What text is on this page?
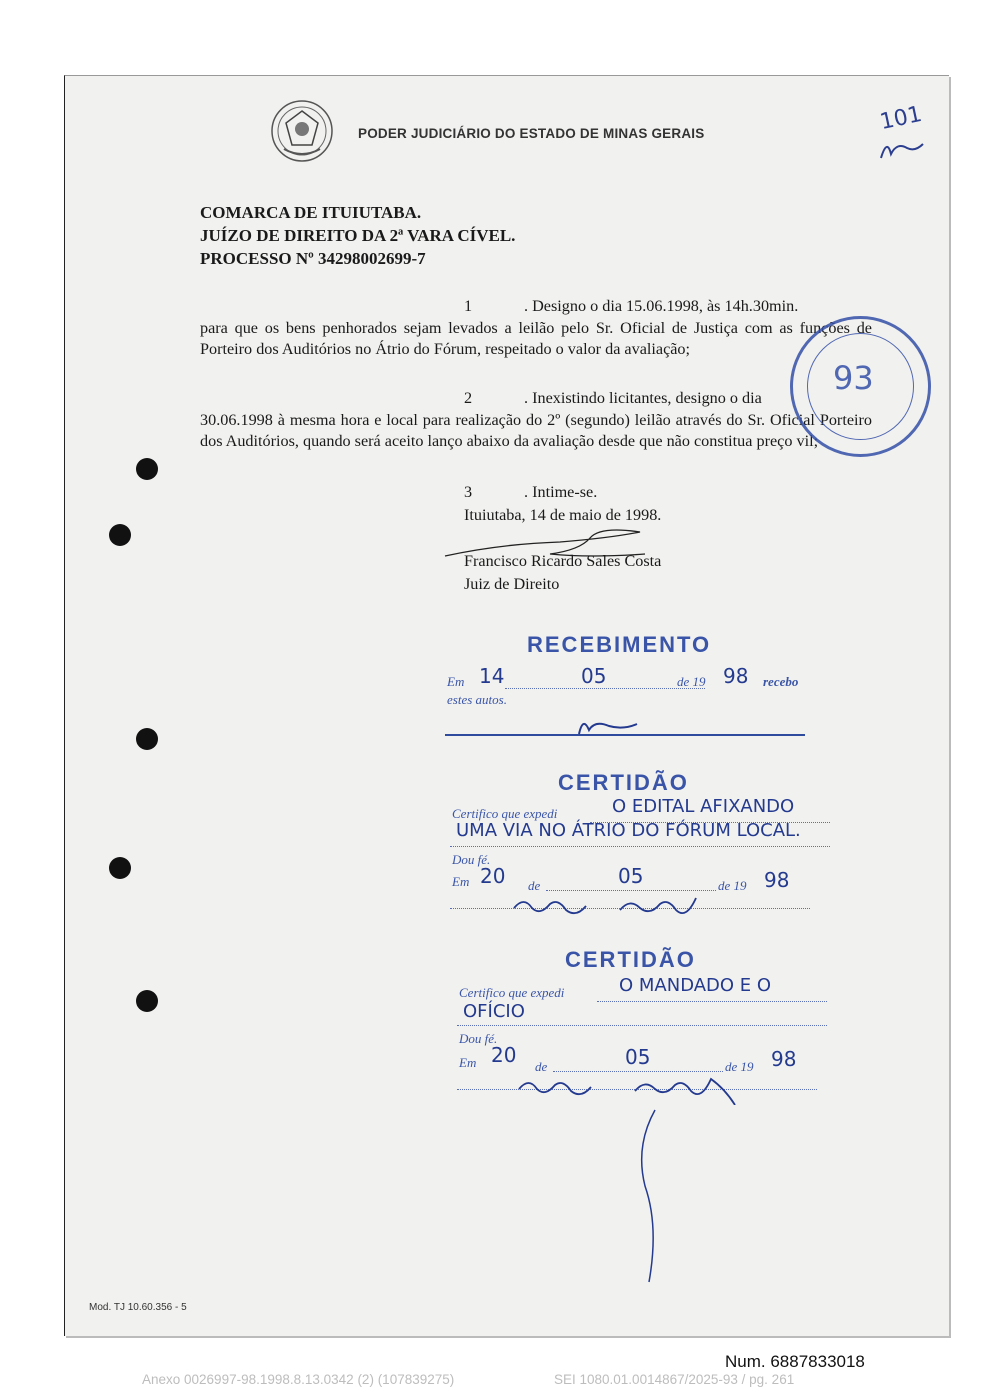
PODER JUDICIÁRIO DO ESTADO DE MINAS GERAIS	101
COMARCA DE ITUIUTABA.
JUÍZO DE DIREITO DA 2ª VARA CÍVEL.
PROCESSO Nº 34298002699-7
1	. Designo o dia 15.06.1998, às 14h.30min.
para que os bens penhorados sejam levados a leilão pelo Sr. Oficial de Justiça com as funções de Porteiro dos Auditórios no Átrio do Fórum, respeitado o valor da avaliação;
2	. Inexistindo licitantes, designo o dia
30.06.1998 à mesma hora e local para realização do 2º (segundo) leilão através do Sr. Oficial Porteiro dos Auditórios, quando será aceito lanço abaixo da avaliação desde que não constitua preço vil;
3	. Intime-se.
Ituiutaba, 14 de maio de 1998.
Francisco Ricardo Sales Costa
Juiz de Direito
93
RECEBIMENTO
Em 14	05	de 19 98 recebo
estes autos.
CERTIDÃO
Certifico que expedi	O EDITAL AFIXANDO
UMA VIA NO ÁTRIO DO FÓRUM LOCAL.
Dou fé.
Em 20 de	05	de 19 98
CERTIDÃO
Certifico que expedi	O MANDADO E O
OFÍCIO
Dou fé.
Em 20 de	05	de 19 98
Mod. TJ 10.60.356 - 5
Num. 6887833018
Anexo 0026997-98.1998.8.13.0342 (2) (107839275)	SEI 1080.01.0014867/2025-93 / pg. 261
